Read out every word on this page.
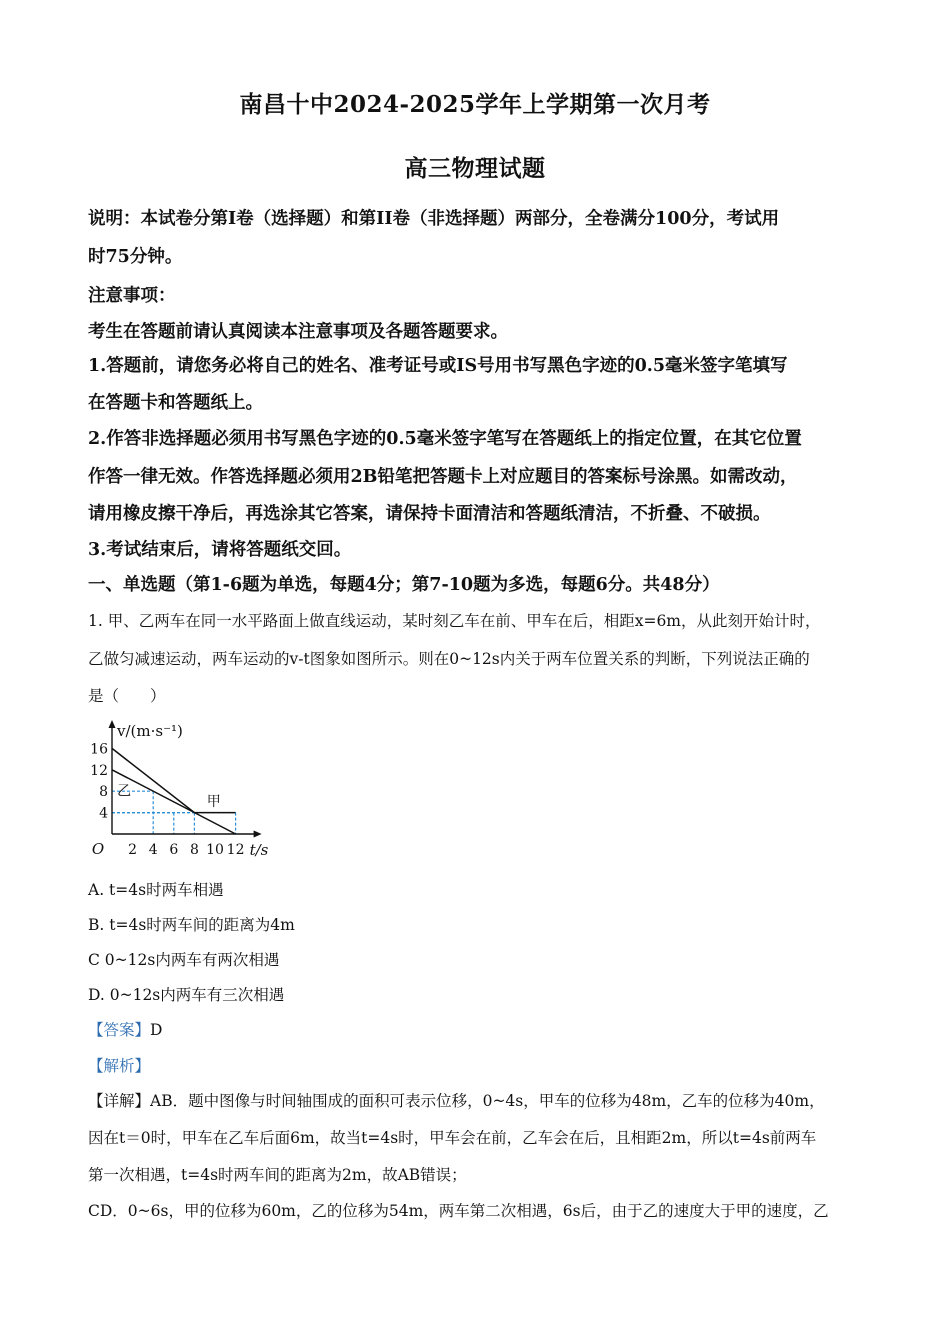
南昌十中2024-2025学年上学期第一次月考
高三物理试题
说明：本试卷分第I卷（选择题）和第II卷（非选择题）两部分，全卷满分100分，考试用
时75分钟。
注意事项：
考生在答题前请认真阅读本注意事项及各题答题要求。
1.答题前，请您务必将自己的姓名、准考证号或IS号用书写黑色字迹的0.5毫米签字笔填写
在答题卡和答题纸上。
2.作答非选择题必须用书写黑色字迹的0.5毫米签字笔写在答题纸上的指定位置，在其它位置
作答一律无效。作答选择题必须用2B铅笔把答题卡上对应题目的答案标号涂黑。如需改动，
请用橡皮擦干净后，再选涂其它答案，请保持卡面清洁和答题纸清洁，不折叠、不破损。
3.考试结束后，请将答题纸交回。
一、单选题（第1-6题为单选，每题4分；第7-10题为多选，每题6分。共48分）
1. 甲、乙两车在同一水平路面上做直线运动，某时刻乙车在前、甲车在后，相距x=6m，从此刻开始计时，
乙做匀减速运动，两车运动的v-t图象如图所示。则在0~12s内关于两车位置关系的判断，下列说法正确的
是（　　）
甲
乙
2 4 6 8 10 12
4
8
12
16
O	t/s
v/(m·s⁻¹)
A. t=4s时两车相遇
B. t=4s时两车间的距离为4m
C 0~12s内两车有两次相遇
D. 0~12s内两车有三次相遇
【答案】D
【解析】
【详解】AB．题中图像与时间轴围成的面积可表示位移，0~4s，甲车的位移为48m，乙车的位移为40m，
因在t＝0时，甲车在乙车后面6m，故当t=4s时，甲车会在前，乙车会在后，且相距2m，所以t=4s前两车
第一次相遇，t=4s时两车间的距离为2m，故AB错误；
CD．0~6s，甲的位移为60m，乙的位移为54m，两车第二次相遇，6s后，由于乙的速度大于甲的速度，乙
